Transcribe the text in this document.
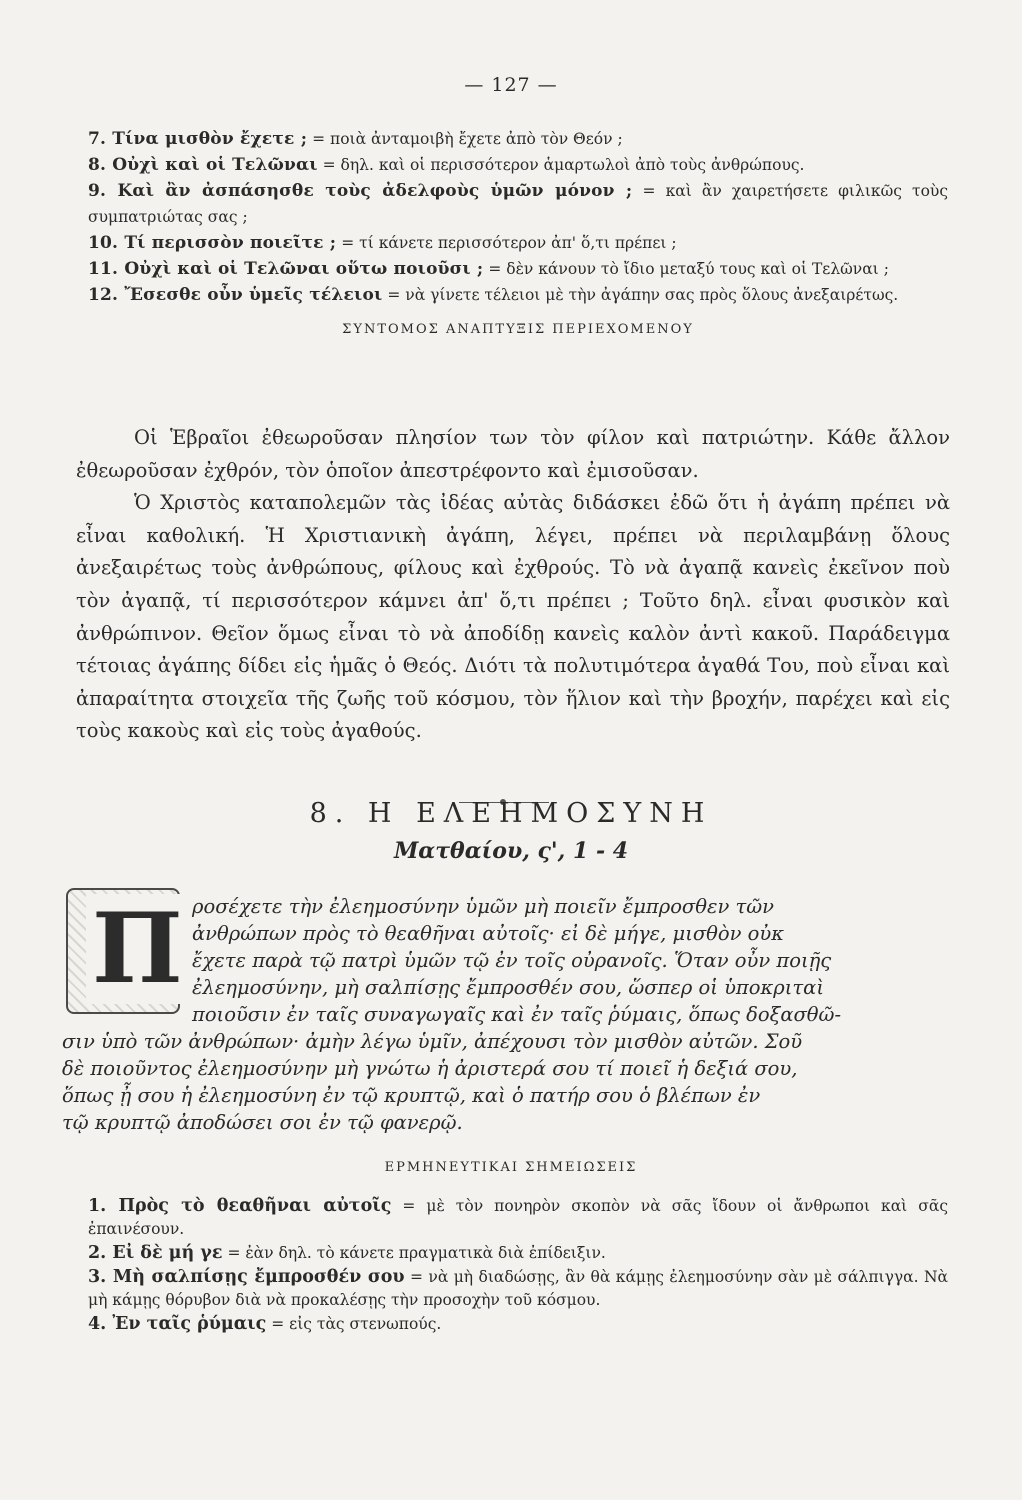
— 127 —

7. Τίνα μισθὸν ἔχετε ; = ποιὰ ἀνταμοιβὴ ἔχετε ἀπὸ τὸν Θεόν ;

8. Οὐχὶ καὶ οἱ Τελῶναι = δηλ. καὶ οἱ περισσότερον ἁμαρτωλοὶ ἀπὸ τοὺς ἀνθρώπους.

9. Καὶ ἂν ἀσπάσησθε τοὺς ἀδελφοὺς ὑμῶν μόνον ; = καὶ ἂν χαιρετήσετε φιλικῶς τοὺς συμπατριώτας σας ;

10. Τί περισσὸν ποιεῖτε ; = τί κάνετε περισσότερον ἀπ' ὅ,τι πρέπει ;

11. Οὐχὶ καὶ οἱ Τελῶναι οὕτω ποιοῦσι ; = δὲν κάνουν τὸ ἴδιο μεταξύ τους καὶ οἱ Τελῶναι ;

12. Ἔσεσθε οὖν ὑμεῖς τέλειοι = νὰ γίνετε τέλειοι μὲ τὴν ἀγάπην σας πρὸς ὅλους ἀνεξαιρέτως.

ΣΥΝΤΟΜΟΣ ΑΝΑΠΤΥΞΙΣ ΠΕΡΙΕΧΟΜΕΝΟΥ

Οἱ Ἑβραῖοι ἐθεωροῦσαν πλησίον των τὸν φίλον καὶ πατριώτην. Κάθε ἄλλον ἐθεωροῦσαν ἐχθρόν, τὸν ὁποῖον ἀπεστρέφοντο καὶ ἐμισοῦσαν.

Ὁ Χριστὸς καταπολεμῶν τὰς ἰδέας αὐτὰς διδάσκει ἐδῶ ὅτι ἡ ἀγάπη πρέπει νὰ εἶναι καθολική. Ἡ Χριστιανικὴ ἀγάπη, λέγει, πρέπει νὰ περιλαμβάνῃ ὅλους ἀνεξαιρέτως τοὺς ἀνθρώπους, φίλους καὶ ἐχθρούς. Τὸ νὰ ἀγαπᾷ κανεὶς ἐκεῖνον ποὺ τὸν ἀγαπᾷ, τί περισσότερον κάμνει ἀπ' ὅ,τι πρέπει ; Τοῦτο δηλ. εἶναι φυσικὸν καὶ ἀνθρώπινον. Θεῖον ὅμως εἶναι τὸ νὰ ἀποδίδῃ κανεὶς καλὸν ἀντὶ κακοῦ. Παράδειγμα τέτοιας ἀγάπης δίδει εἰς ἡμᾶς ὁ Θεός. Διότι τὰ πολυτιμότερα ἀγαθά Του, ποὺ εἶναι καὶ ἀπαραίτητα στοιχεῖα τῆς ζωῆς τοῦ κόσμου, τὸν ἥλιον καὶ τὴν βροχήν, παρέχει καὶ εἰς τοὺς κακοὺς καὶ εἰς τοὺς ἀγαθούς.

8. Η ΕΛΕΗΜΟΣΥΝΗ
Ματθαίου, ς', 1 - 4
Π ροσέχετε τὴν ἐλεημοσύνην ὑμῶν μὴ ποιεῖν ἔμπροσθεν τῶν
ἀνθρώπων πρὸς τὸ θεαθῆναι αὐτοῖς· εἰ δὲ μήγε, μισθὸν οὐκ
ἔχετε παρὰ τῷ πατρὶ ὑμῶν τῷ ἐν τοῖς οὐρανοῖς. Ὅταν οὖν ποιῇς
ἐλεημοσύνην, μὴ σαλπίσῃς ἔμπροσθέν σου, ὥσπερ οἱ ὑποκριταὶ
ποιοῦσιν ἐν ταῖς συναγωγαῖς καὶ ἐν ταῖς ῥύμαις, ὅπως δοξασθῶ-
σιν ὑπὸ τῶν ἀνθρώπων· ἀμὴν λέγω ὑμῖν, ἀπέχουσι τὸν μισθὸν αὐτῶν. Σοῦ
δὲ ποιοῦντος ἐλεημοσύνην μὴ γνώτω ἡ ἀριστερά σου τί ποιεῖ ἡ δεξιά σου,
ὅπως ᾖ σου ἡ ἐλεημοσύνη ἐν τῷ κρυπτῷ, καὶ ὁ πατήρ σου ὁ βλέπων ἐν
τῷ κρυπτῷ ἀποδώσει σοι ἐν τῷ φανερῷ.
ΕΡΜΗΝΕΥΤΙΚΑΙ ΣΗΜΕΙΩΣΕΙΣ

1. Πρὸς τὸ θεαθῆναι αὐτοῖς = μὲ τὸν πονηρὸν σκοπὸν νὰ σᾶς ἴδουν οἱ ἄνθρωποι καὶ σᾶς ἐπαινέσουν.

2. Εἰ δὲ μή γε = ἐὰν δηλ. τὸ κάνετε πραγματικὰ διὰ ἐπίδειξιν.

3. Μὴ σαλπίσῃς ἔμπροσθέν σου = νὰ μὴ διαδώσῃς, ἂν θὰ κάμῃς ἐλεημοσύνην σὰν μὲ σάλπιγγα. Νὰ μὴ κάμῃς θόρυβον διὰ νὰ προκαλέσῃς τὴν προσοχὴν τοῦ κόσμου.

4. Ἐν ταῖς ῥύμαις = εἰς τὰς στενωπούς.
